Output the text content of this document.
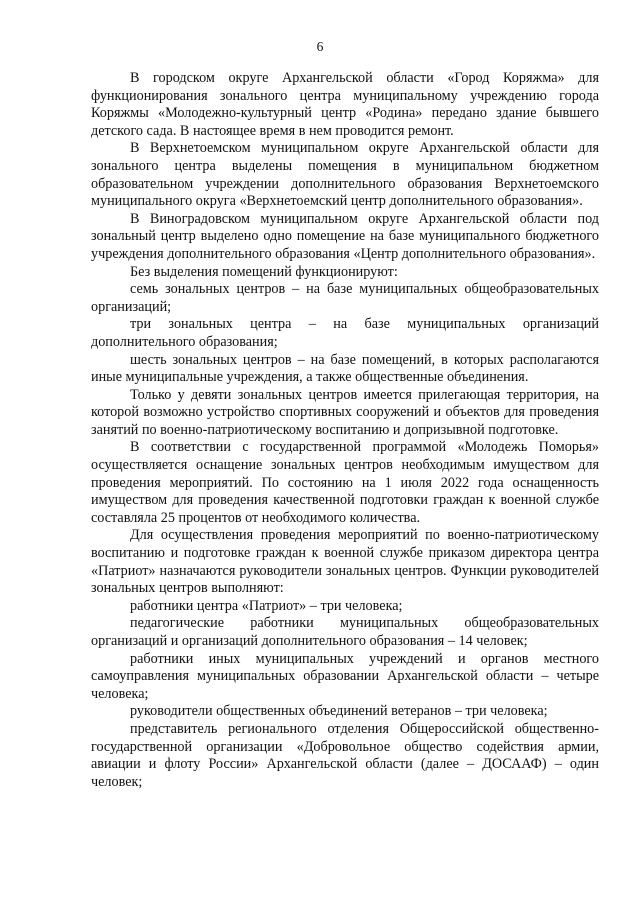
6

В городском округе Архангельской области «Город Коряжма» для функционирования зонального центра муниципальному учреждению города Коряжмы «Молодежно-культурный центр «Родина» передано здание бывшего детского сада. В настоящее время в нем проводится ремонт.

В Верхнетоемском муниципальном округе Архангельской области для зонального центра выделены помещения в муниципальном бюджетном образовательном учреждении дополнительного образования Верхнетоемского муниципального округа «Верхнетоемский центр дополнительного образования».

В Виноградовском муниципальном округе Архангельской области под зональный центр выделено одно помещение на базе муниципального бюджетного учреждения дополнительного образования «Центр дополнительного образования».

Без выделения помещений функционируют:

семь зональных центров – на базе муниципальных общеобразовательных организаций;

три зональных центра – на базе муниципальных организаций дополнительного образования;

шесть зональных центров – на базе помещений, в которых располагаются иные муниципальные учреждения, а также общественные объединения.

Только у девяти зональных центров имеется прилегающая территория, на которой возможно устройство спортивных сооружений и объектов для проведения занятий по военно-патриотическому воспитанию и допризывной подготовке.

В соответствии с государственной программой «Молодежь Поморья» осуществляется оснащение зональных центров необходимым имуществом для проведения мероприятий. По состоянию на 1 июля 2022 года оснащенность имуществом для проведения качественной подготовки граждан к военной службе составляла 25 процентов от необходимого количества.

Для осуществления проведения мероприятий по военно-патриотическому воспитанию и подготовке граждан к военной службе приказом директора центра «Патриот» назначаются руководители зональных центров. Функции руководителей зональных центров выполняют:

работники центра «Патриот» – три человека;

педагогические работники муниципальных общеобразовательных организаций и организаций дополнительного образования – 14 человек;

работники иных муниципальных учреждений и органов местного самоуправления муниципальных образовании Архангельской области – четыре человека;

руководители общественных объединений ветеранов – три человека;

представитель регионального отделения Общероссийской общественно-государственной организации «Добровольное общество содействия армии, авиации и флоту России» Архангельской области (далее – ДОСААФ) – один человек;
